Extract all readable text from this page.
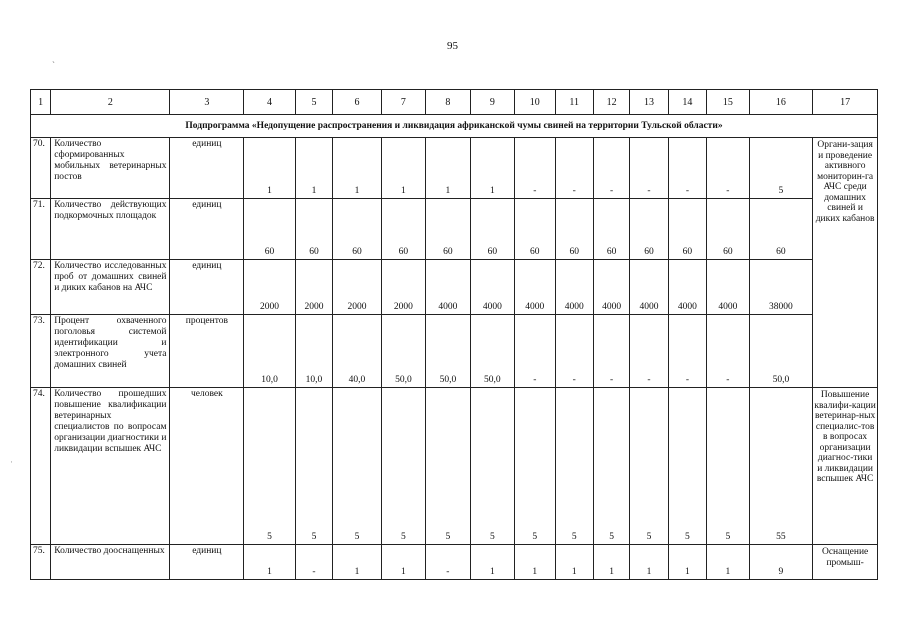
95
`
·
1	2	3	4	5	6	7	8	9	10	11	12	13	14	15	16	17
Подпрограмма «Недопущение распространения и ликвидация африканской чумы свиней на территории Тульской области»																
70.	Количество сформированных мобильных ветеринарных постов	единиц	1	1	1	1	1	1	-	-	-	-	-	-	5	Органи-зация и проведение активного мониторин-га АЧС среди домашних свиней и диких кабанов
71.	Количество действующих подкормочных площадок	единиц	60	60	60	60	60	60	60	60	60	60	60	60	60	
72.	Количество исследованных проб от домашних свиней и диких кабанов на АЧС	единиц	2000	2000	2000	2000	4000	4000	4000	4000	4000	4000	4000	4000	38000	
73.	Процент охваченного поголовья системой идентификации и электронного учета домашних свиней	процентов	10,0	10,0	40,0	50,0	50,0	50,0	-	-	-	-	-	-	50,0	
74.	Количество прошедших повышение квалификации ветеринарных специалистов по вопросам организации диагностики и ликвидации вспышек АЧС	человек	5	5	5	5	5	5	5	5	5	5	5	5	55	Повышение квалифи-кации ветеринар-ных специалис-тов в вопросах организации диагнос-тики и ликвидации вспышек АЧС
75.	Количество дооснащенных	единиц	1	-	1	1	-	1	1	1	1	1	1	1	9	Оснащение промыш-
